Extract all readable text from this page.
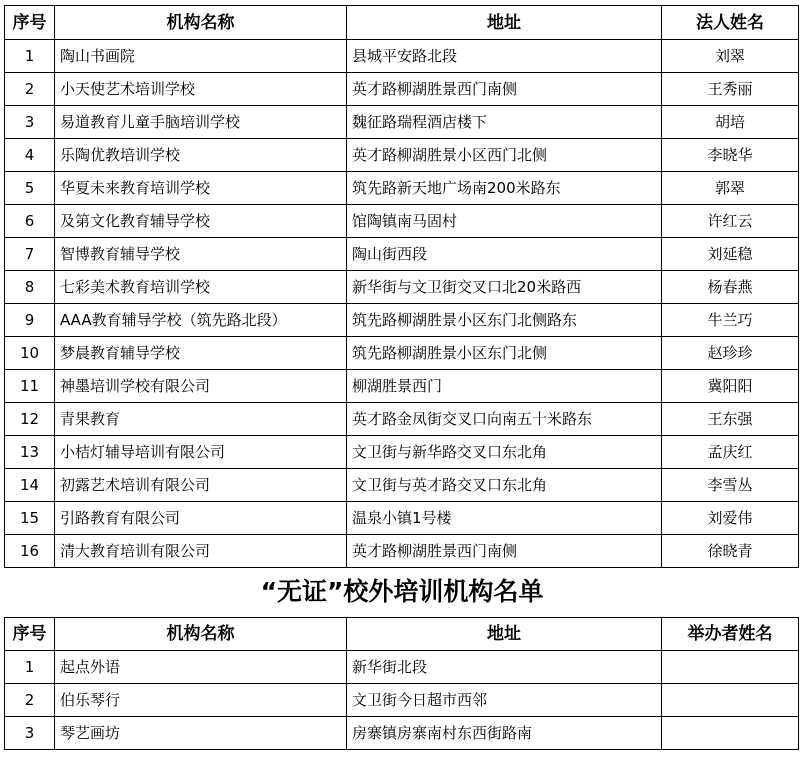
序号	机构名称	地址	法人姓名
1	陶山书画院	县城平安路北段	刘翠
2	小天使艺术培训学校	英才路柳湖胜景西门南侧	王秀丽
3	易道教育儿童手脑培训学校	魏征路瑞程酒店楼下	胡培
4	乐陶优教培训学校	英才路柳湖胜景小区西门北侧	李晓华
5	华夏未来教育培训学校	筑先路新天地广场南200米路东	郭翠
6	及第文化教育辅导学校	馆陶镇南马固村	许红云
7	智博教育辅导学校	陶山街西段	刘延稳
8	七彩美术教育培训学校	新华街与文卫街交叉口北20米路西	杨春燕
9	AAA教育辅导学校（筑先路北段）	筑先路柳湖胜景小区东门北侧路东	牛兰巧
10	梦晨教育辅导学校	筑先路柳湖胜景小区东门北侧	赵珍珍
11	神墨培训学校有限公司	柳湖胜景西门	冀阳阳
12	青果教育	英才路金凤街交叉口向南五十米路东	王东强
13	小桔灯辅导培训有限公司	文卫街与新华路交叉口东北角	孟庆红
14	初露艺术培训有限公司	文卫街与英才路交叉口东北角	李雪丛
15	引路教育有限公司	温泉小镇1号楼	刘爱伟
16	清大教育培训有限公司	英才路柳湖胜景西门南侧	徐晓青
“无证”校外培训机构名单
序号	机构名称	地址	举办者姓名
1	起点外语	新华街北段	
2	伯乐琴行	文卫街今日超市西邻	
3	琴艺画坊	房寨镇房寨南村东西街路南	
